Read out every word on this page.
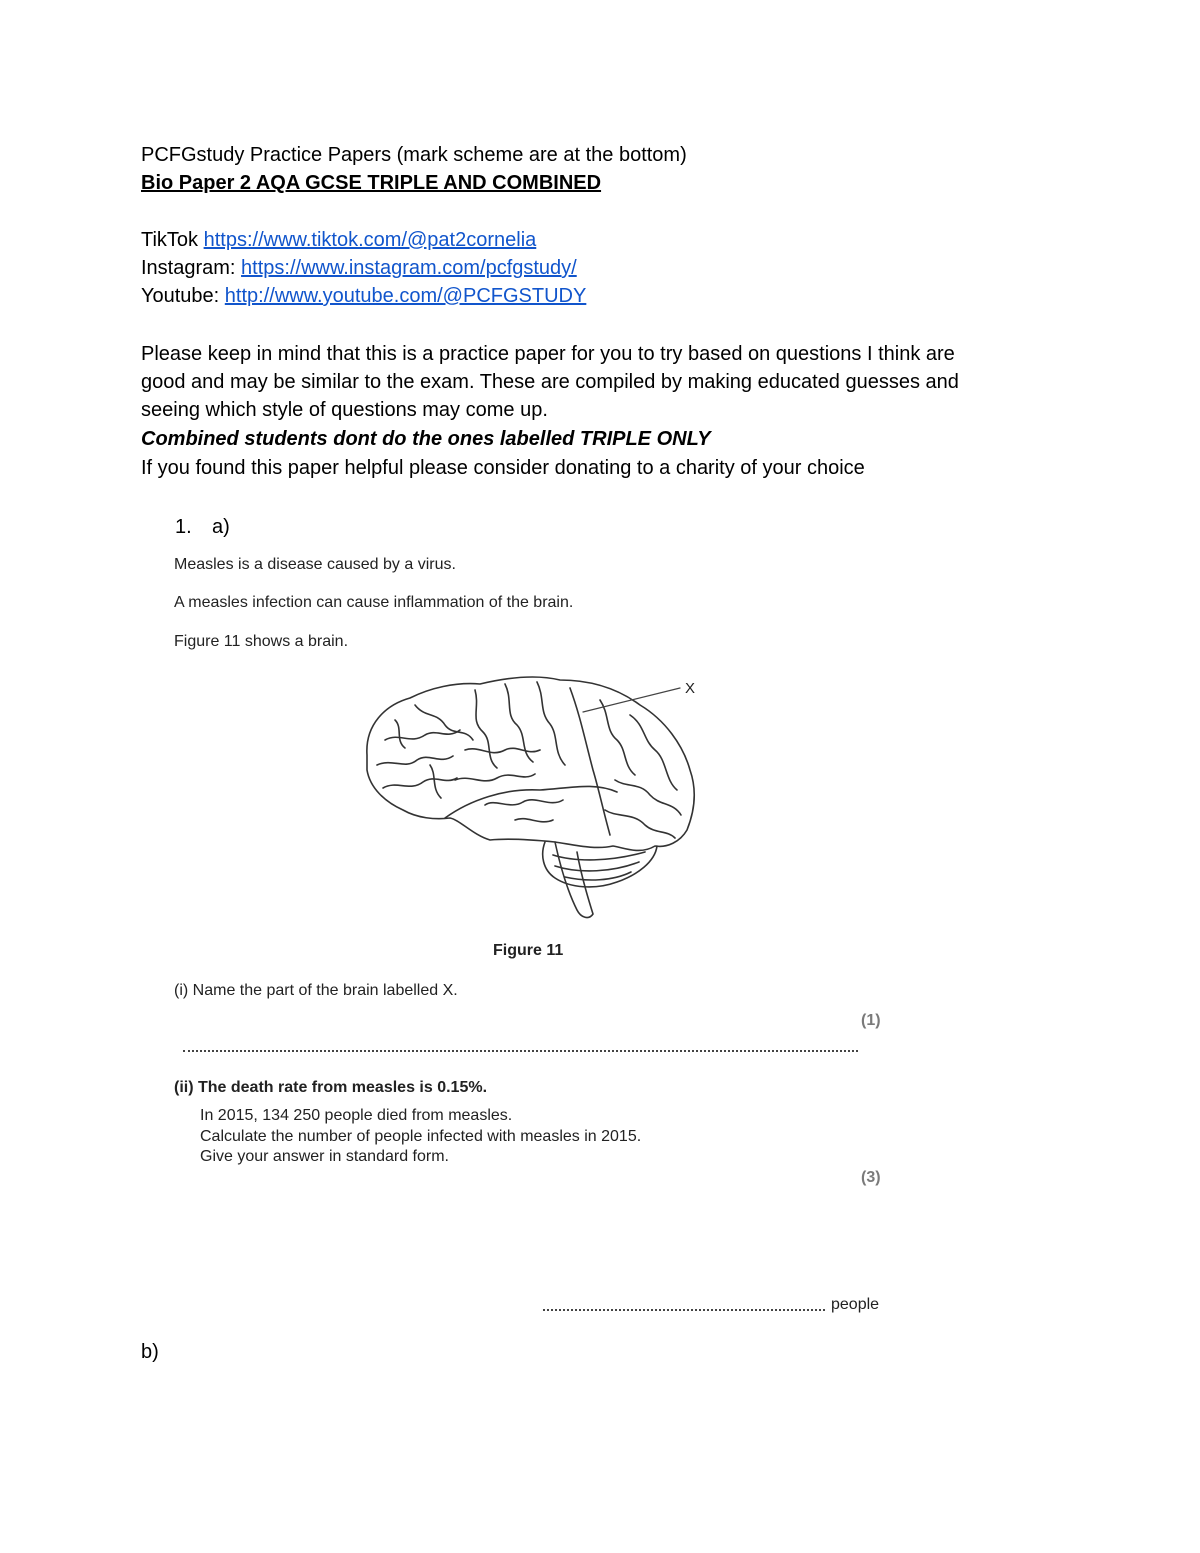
PCFGstudy Practice Papers (mark scheme are at the bottom)
Bio Paper 2 AQA GCSE TRIPLE AND COMBINED
TikTok https://www.tiktok.com/@pat2cornelia
Instagram: https://www.instagram.com/pcfgstudy/
Youtube: http://www.youtube.com/@PCFGSTUDY
Please keep in mind that this is a practice paper for you to try based on questions I think are
good and may be similar to the exam. These are compiled by making educated guesses and
seeing which style of questions may come up.
Combined students dont do the ones labelled TRIPLE ONLY
If you found this paper helpful please consider donating to a charity of your choice
1. a)
Measles is a disease caused by a virus.
A measles infection can cause inflammation of the brain.
Figure 11 shows a brain.
X
Figure 11
(i) Name the part of the brain labelled X.
(1)
(ii) The death rate from measles is 0.15%.
In 2015, 134 250 people died from measles.
Calculate the number of people infected with measles in 2015.
Give your answer in standard form.
(3)
people
b)
